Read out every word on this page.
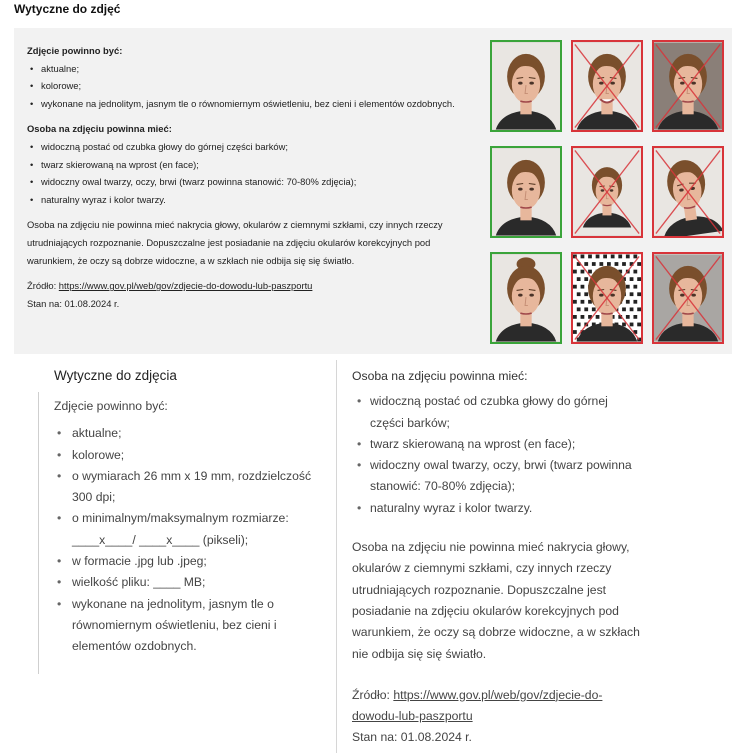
Wytyczne do zdjęć
Zdjęcie powinno być:
• aktualne;
• kolorowe;
• wykonane na jednolitym, jasnym tle o równomiernym oświetleniu, bez cieni i elementów ozdobnych.
Osoba na zdjęciu powinna mieć:
• widoczną postać od czubka głowy do górnej części barków;
• twarz skierowaną na wprost (en face);
• widoczny owal twarzy, oczy, brwi (twarz powinna stanowić: 70-80% zdjęcia);
• naturalny wyraz i kolor twarzy.

Osoba na zdjęciu nie powinna mieć nakrycia głowy, okularów z ciemnymi szkłami, czy innych rzeczy utrudniających rozpoznanie. Dopuszczalne jest posiadanie na zdjęciu okularów korekcyjnych pod warunkiem, że oczy są dobrze widoczne, a w szkłach nie odbija się się światło.

Źródło: https://www.gov.pl/web/gov/zdjecie-do-dowodu-lub-paszportu

Stan na: 01.08.2024 r.

Wytyczne do zdjęcia
Zdjęcie powinno być:
• aktualne;
• kolorowe;
• o wymiarach 26 mm x 19 mm, rozdzielczość 300 dpi;
• o minimalnym/maksymalnym rozmiarze: ____x____/ ____x____ (pikseli);
• w formacie .jpg lub .jpeg;
• wielkość pliku: ____ MB;
• wykonane na jednolitym, jasnym tle o równomiernym oświetleniu, bez cieni i elementów ozdobnych.
Osoba na zdjęciu powinna mieć:
• widoczną postać od czubka głowy do górnej części barków;
• twarz skierowaną na wprost (en face);
• widoczny owal twarzy, oczy, brwi (twarz powinna stanowić: 70-80% zdjęcia);
• naturalny wyraz i kolor twarzy.

Osoba na zdjęciu nie powinna mieć nakrycia głowy, okularów z ciemnymi szkłami, czy innych rzeczy utrudniających rozpoznanie. Dopuszczalne jest posiadanie na zdjęciu okularów korekcyjnych pod warunkiem, że oczy są dobrze widoczne, a w szkłach nie odbija się się światło.

Źródło: https://www.gov.pl/web/gov/zdjecie-do-dowodu-lub-paszportu

Stan na: 01.08.2024 r.
